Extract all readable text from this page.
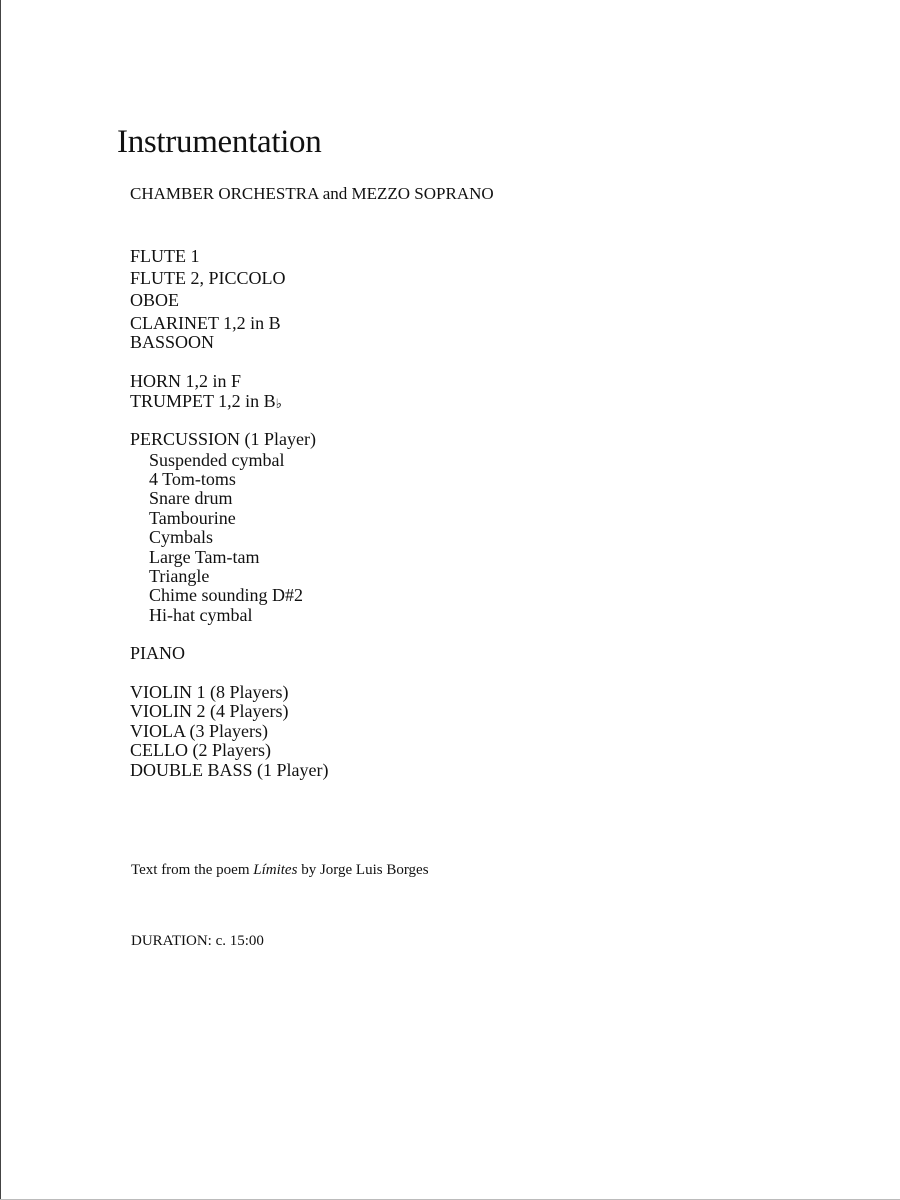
Instrumentation
CHAMBER ORCHESTRA and MEZZO SOPRANO
FLUTE 1
FLUTE 2, PICCOLO
OBOE
CLARINET 1,2 in B
BASSOON
HORN 1,2 in F
TRUMPET 1,2 in B♭
PERCUSSION (1 Player)
Suspended cymbal
4 Tom-toms
Snare drum
Tambourine
Cymbals
Large Tam-tam
Triangle
Chime sounding D#2
Hi-hat cymbal
PIANO
VIOLIN 1 (8 Players)
VIOLIN 2 (4 Players)
VIOLA (3 Players)
CELLO (2 Players)
DOUBLE BASS (1 Player)
Text from the poem Límites by Jorge Luis Borges
DURATION: c. 15:00
